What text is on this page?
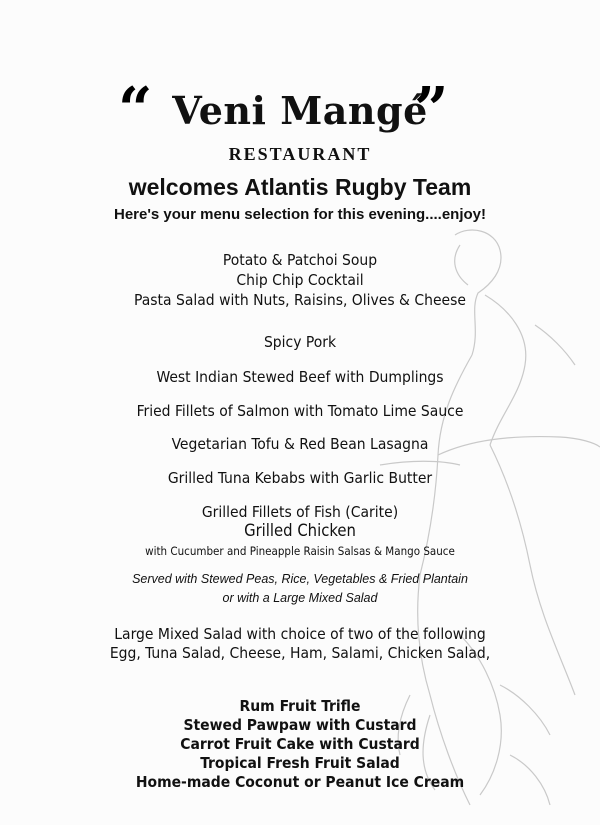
“	”
Veni Mangé
RESTAURANT
welcomes Atlantis Rugby Team
Here's your menu selection for this evening....enjoy!
Potato & Patchoi Soup
Chip Chip Cocktail
Pasta Salad with Nuts, Raisins, Olives & Cheese
Spicy Pork
West Indian Stewed Beef with Dumplings
Fried Fillets of Salmon with Tomato Lime Sauce
Vegetarian Tofu & Red Bean Lasagna
Grilled Tuna Kebabs with Garlic Butter
Grilled Fillets of Fish (Carite)
Grilled Chicken
with Cucumber and Pineapple Raisin Salsas & Mango Sauce
Served with Stewed Peas, Rice, Vegetables & Fried Plantain
or with a Large Mixed Salad
Large Mixed Salad with choice of two of the following
Egg, Tuna Salad, Cheese, Ham, Salami, Chicken Salad,
Rum Fruit Trifle
Stewed Pawpaw with Custard
Carrot Fruit Cake with Custard
Tropical Fresh Fruit Salad
Home-made Coconut or Peanut Ice Cream
